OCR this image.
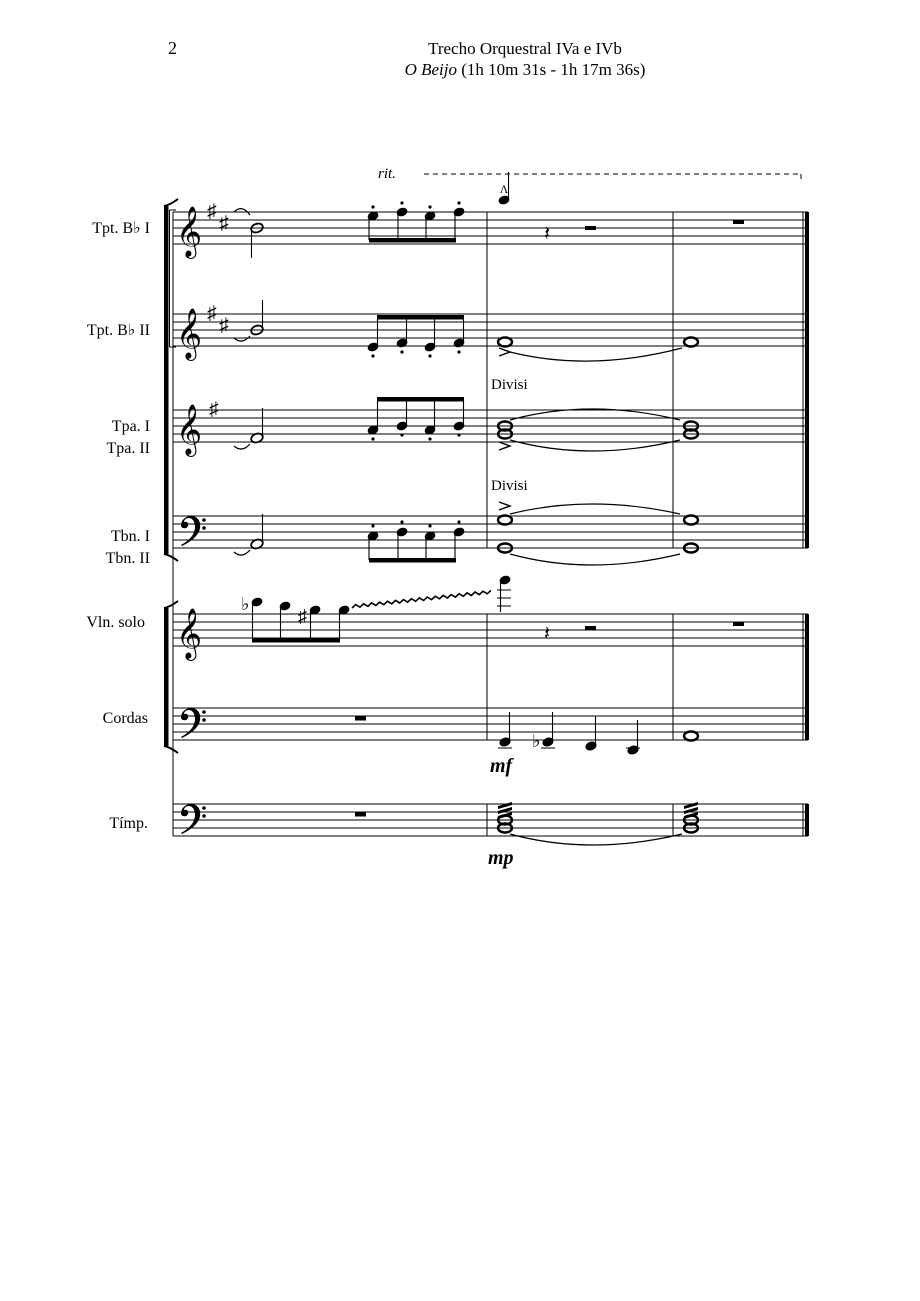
2	Trecho Orquestral IVa e IVb
O Beijo (1h 10m 31s - 1h 17m 36s)
Tpt. B♭ I
Tpt. B♭ II
Tpa. I
Tpa. II
Tbn. I
Tbn. II
Vln. solo
Cordas
Tímp.
𝄞
𝄞
𝄞
𝄞
♯
♯
♯
♯
♯
♭
♯
Λ
𝄽
𝄽
♭
rit.
Divisi
Divisi
mf
mp
